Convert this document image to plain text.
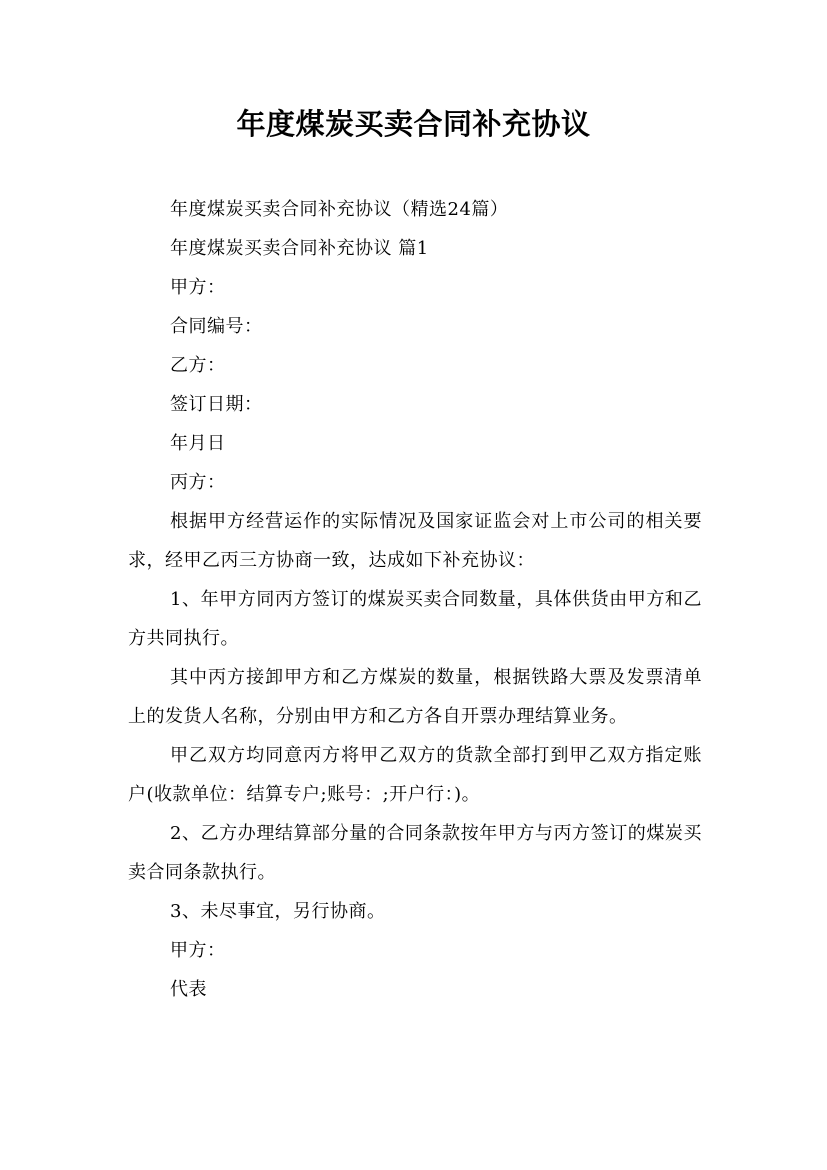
年度煤炭买卖合同补充协议

年度煤炭买卖合同补充协议（精选24篇）

年度煤炭买卖合同补充协议 篇1

甲方：

合同编号：

乙方：

签订日期：

年月日

丙方：

根据甲方经营运作的实际情况及国家证监会对上市公司的相关要求，经甲乙丙三方协商一致，达成如下补充协议：

1、年甲方同丙方签订的煤炭买卖合同数量，具体供货由甲方和乙方共同执行。

其中丙方接卸甲方和乙方煤炭的数量，根据铁路大票及发票清单上的发货人名称，分别由甲方和乙方各自开票办理结算业务。

甲乙双方均同意丙方将甲乙双方的货款全部打到甲乙双方指定账户(收款单位：结算专户;账号：;开户行：)。

2、乙方办理结算部分量的合同条款按年甲方与丙方签订的煤炭买卖合同条款执行。

3、未尽事宜，另行协商。

甲方：

代表
